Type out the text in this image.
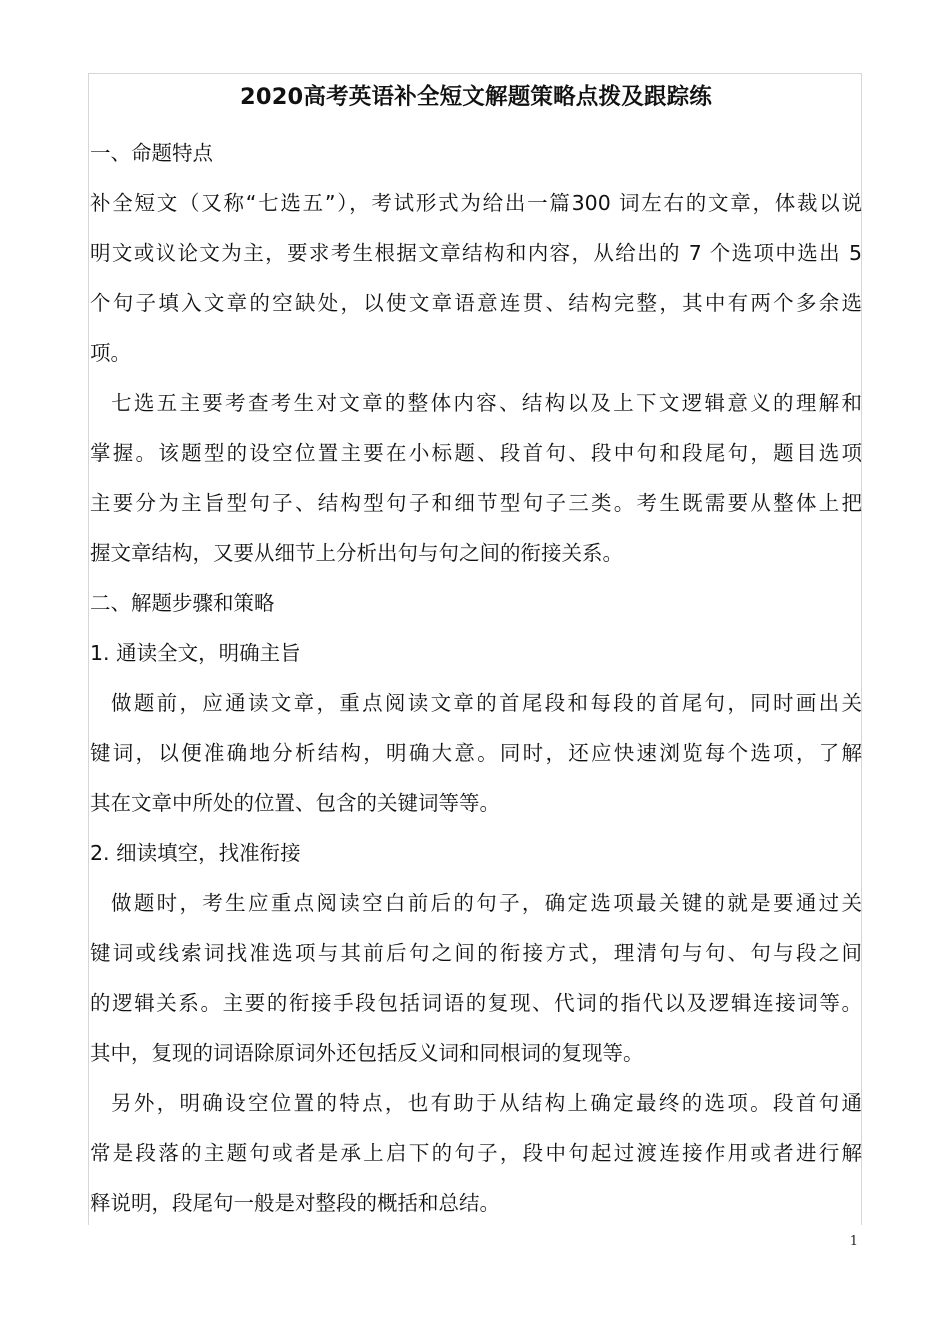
2020高考英语补全短文解题策略点拨及跟踪练

一、命题特点

补全短文（又称“七选五”），考试形式为给出一篇300 词左右的文章，体裁以说

明文或议论文为主，要求考生根据文章结构和内容，从给出的 7 个选项中选出 5

个句子填入文章的空缺处，以使文章语意连贯、结构完整，其中有两个多余选

项。

七选五主要考查考生对文章的整体内容、结构以及上下文逻辑意义的理解和

掌握。该题型的设空位置主要在小标题、段首句、段中句和段尾句，题目选项

主要分为主旨型句子、结构型句子和细节型句子三类。考生既需要从整体上把

握文章结构，又要从细节上分析出句与句之间的衔接关系。

二、解题步骤和策略

1. 通读全文，明确主旨

做题前，应通读文章，重点阅读文章的首尾段和每段的首尾句，同时画出关

键词，以便准确地分析结构，明确大意。同时，还应快速浏览每个选项，了解

其在文章中所处的位置、包含的关键词等等。

2. 细读填空，找准衔接

做题时，考生应重点阅读空白前后的句子，确定选项最关键的就是要通过关

键词或线索词找准选项与其前后句之间的衔接方式，理清句与句、句与段之间

的逻辑关系。主要的衔接手段包括词语的复现、代词的指代以及逻辑连接词等。

其中，复现的词语除原词外还包括反义词和同根词的复现等。

另外，明确设空位置的特点，也有助于从结构上确定最终的选项。段首句通

常是段落的主题句或者是承上启下的句子，段中句起过渡连接作用或者进行解

释说明，段尾句一般是对整段的概括和总结。

1
